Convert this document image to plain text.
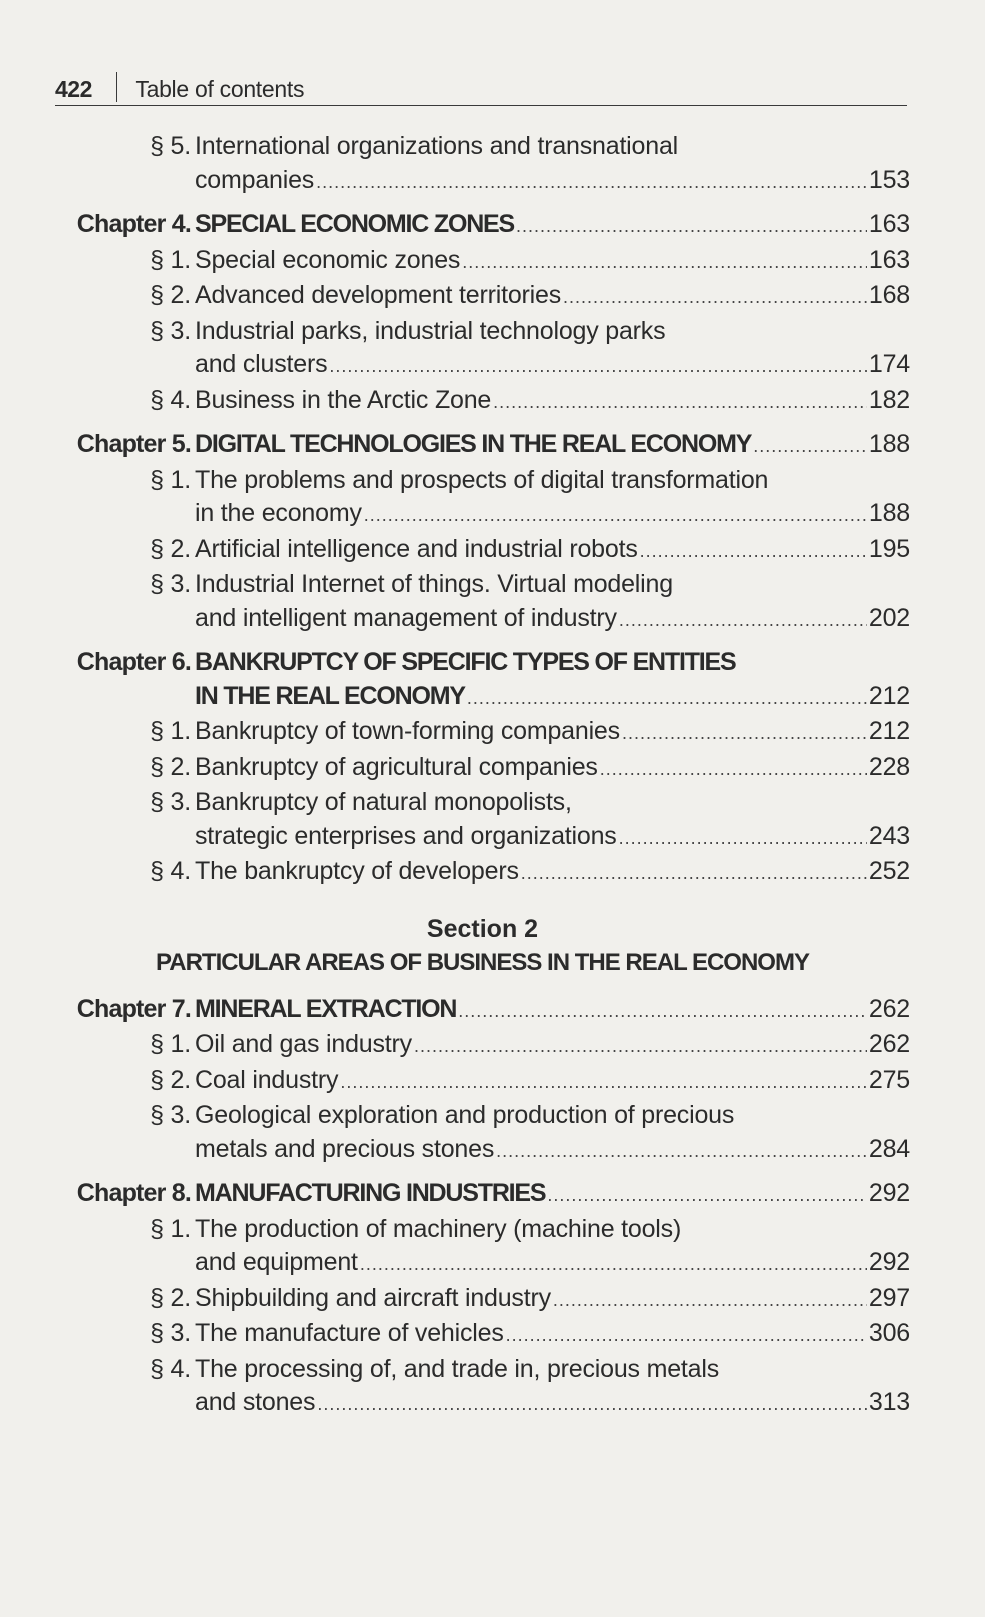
422 Table of contents
§ 5. International organizations and transnational
companies .....	153
Chapter 4. SPECIAL ECONOMIC ZONES .....	163
§ 1. Special economic zones .....	163
§ 2. Advanced development territories .....	168
§ 3. Industrial parks, industrial technology parks
and clusters .....	174
§ 4. Business in the Arctic Zone .....	182
Chapter 5. DIGITAL TECHNOLOGIES IN THE REAL ECONOMY .....	188
§ 1. The problems and prospects of digital transformation
in the economy .....	188
§ 2. Artificial intelligence and industrial robots .....	195
§ 3. Industrial Internet of things. Virtual modeling
and intelligent management of industry .....	202
Chapter 6. BANKRUPTCY OF SPECIFIC TYPES OF ENTITIES
IN THE REAL ECONOMY .....	212
§ 1. Bankruptcy of town-forming companies .....	212
§ 2. Bankruptcy of agricultural companies .....	228
§ 3. Bankruptcy of natural monopolists,
strategic enterprises and organizations .....	243
§ 4. The bankruptcy of developers .....	252
Section 2
PARTICULAR AREAS OF BUSINESS IN THE REAL ECONOMY
Chapter 7. MINERAL EXTRACTION .....	262
§ 1. Oil and gas industry .....	262
§ 2. Coal industry .....	275
§ 3. Geological exploration and production of precious
metals and precious stones .....	284
Chapter 8. MANUFACTURING INDUSTRIES .....	292
§ 1. The production of machinery (machine tools)
and equipment .....	292
§ 2. Shipbuilding and aircraft industry .....	297
§ 3. The manufacture of vehicles .....	306
§ 4. The processing of, and trade in, precious metals
and stones .....	313
